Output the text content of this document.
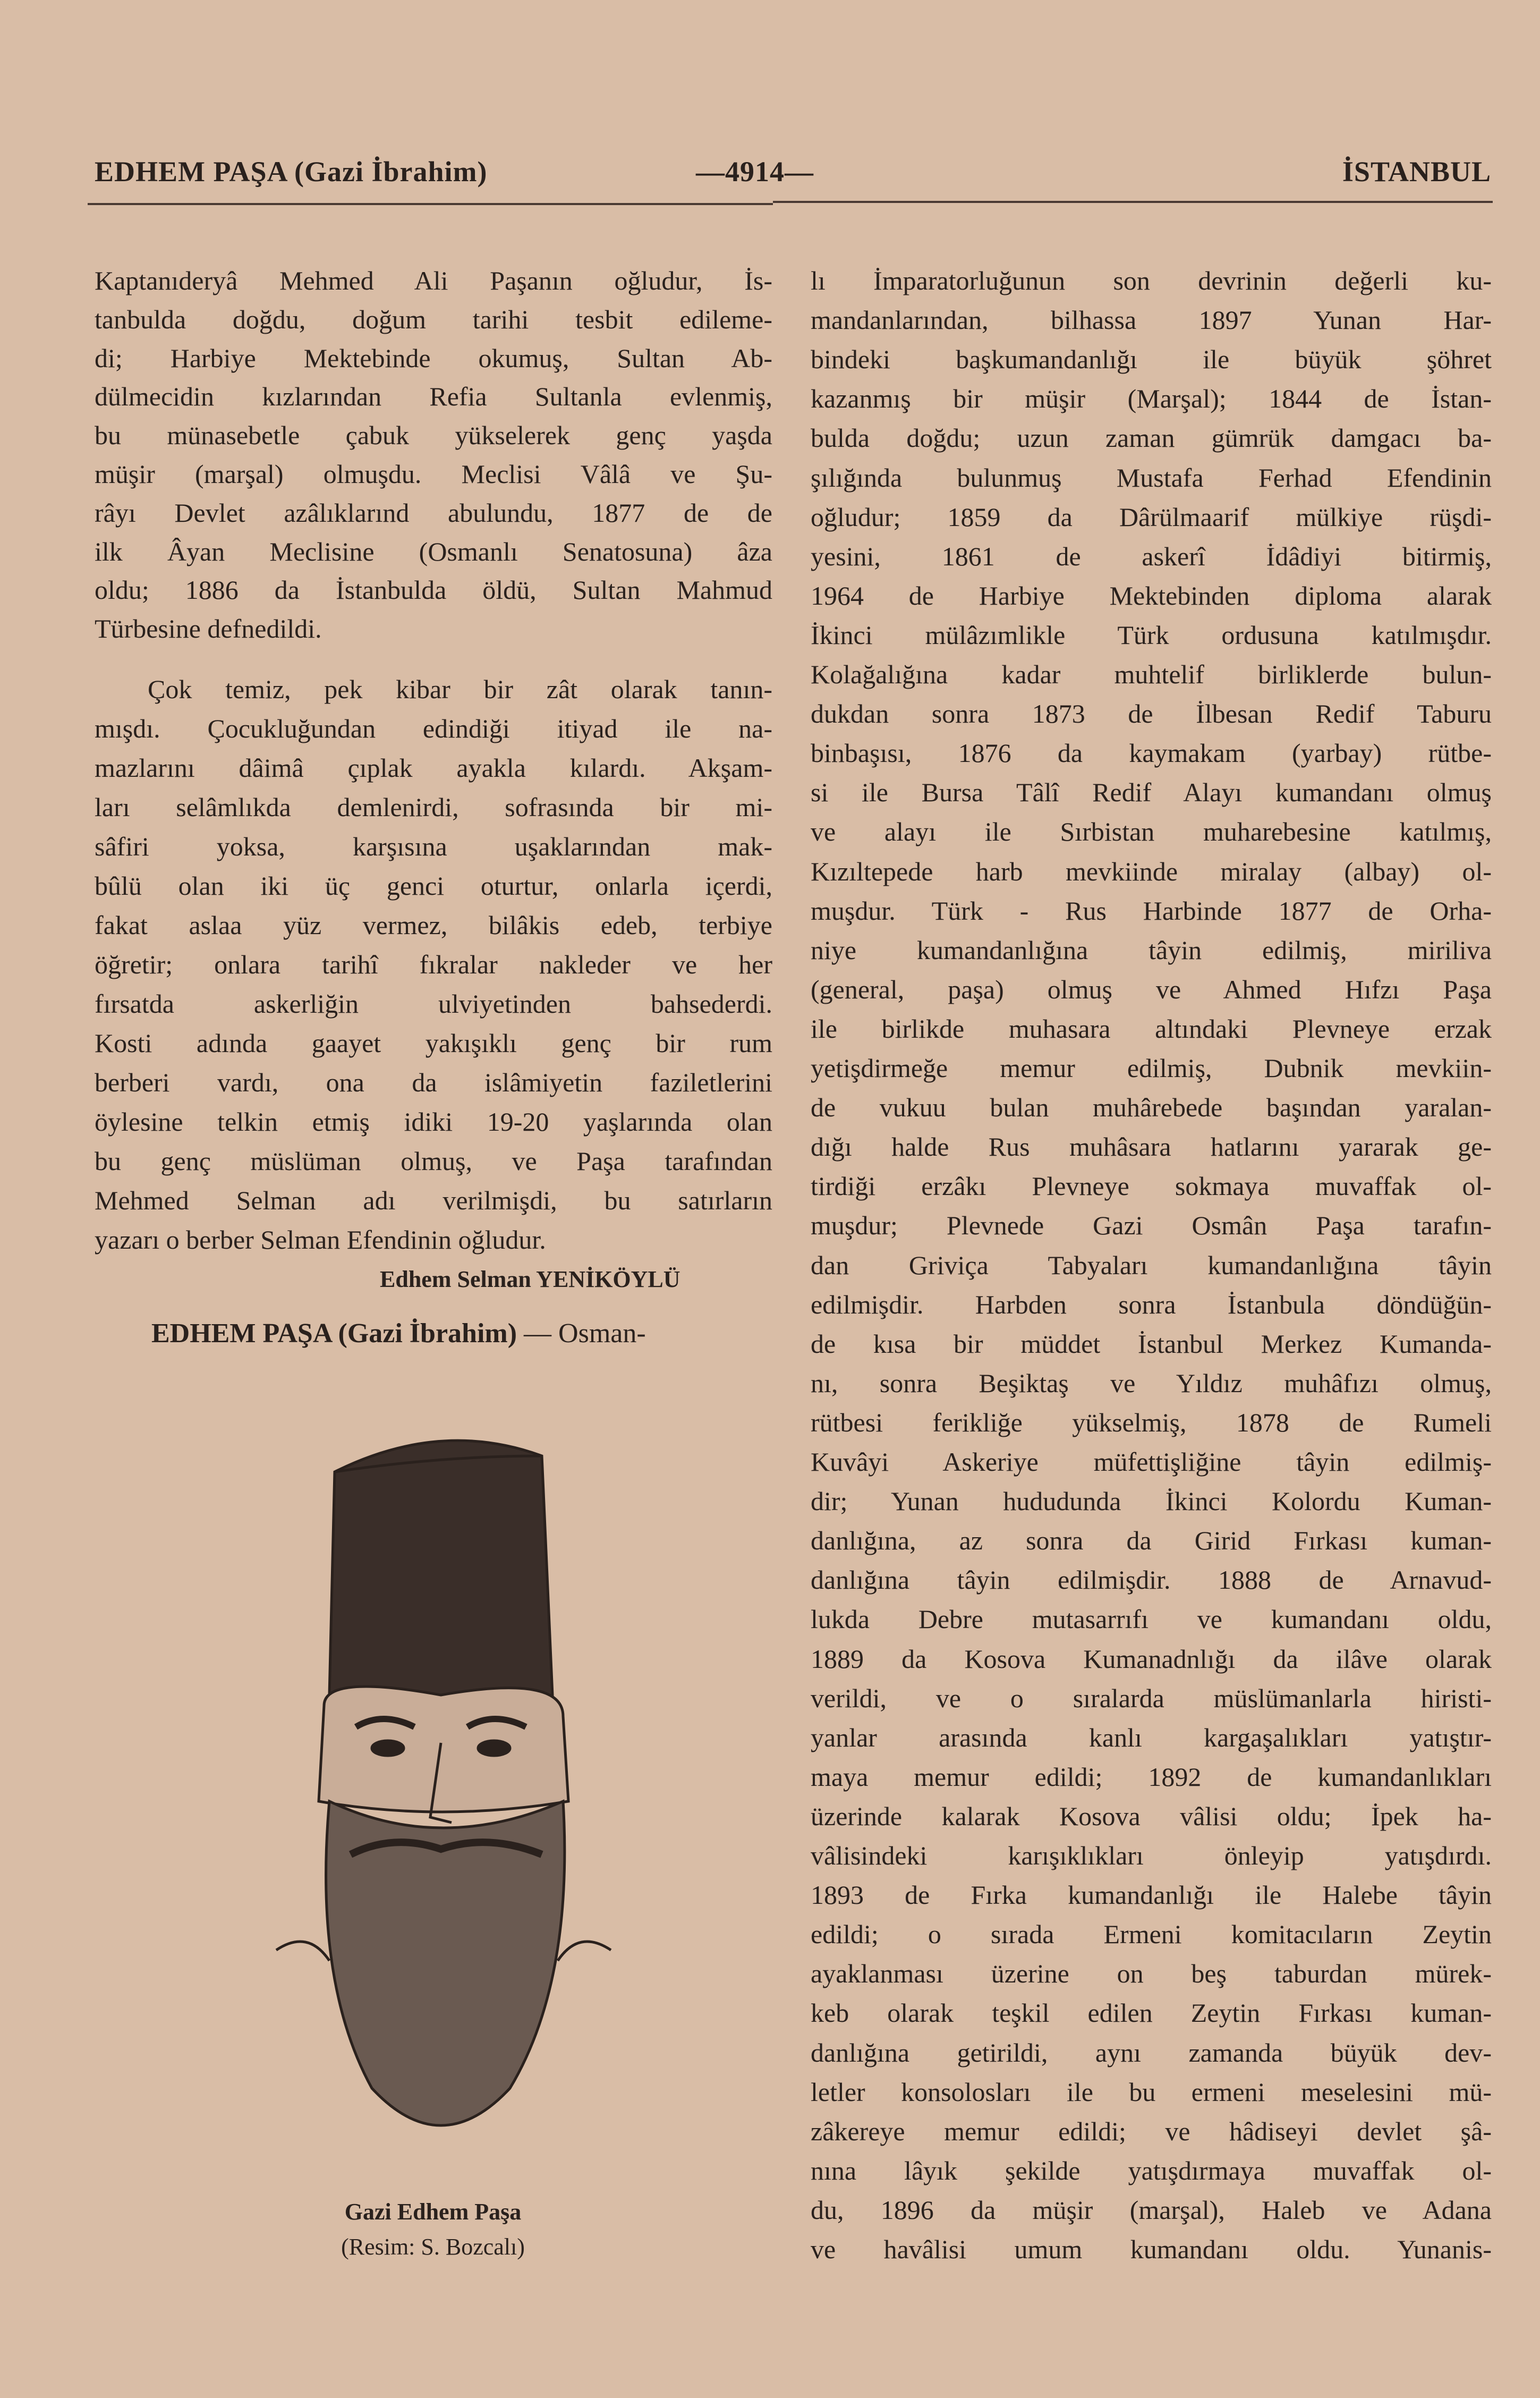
EDHEM PAŞA (Gazi İbrahim)	—4914—	İSTANBUL
Kaptanıderyâ Mehmed Ali Paşanın oğludur, İs-
tanbulda doğdu, doğum tarihi tesbit edileme-
di; Harbiye Mektebinde okumuş, Sultan Ab-
dülmecidin kızlarından Refia Sultanla evlenmiş,
bu münasebetle çabuk yükselerek genç yaşda
müşir (marşal) olmuşdu. Meclisi Vâlâ ve Şu-
râyı Devlet azâlıklarınd abulundu, 1877 de de
ilk Âyan Meclisine (Osmanlı Senatosuna) âza
oldu; 1886 da İstanbulda öldü, Sultan Mahmud
Türbesine defnedildi.
Çok temiz, pek kibar bir zât olarak tanın-
mışdı. Çocukluğundan edindiği itiyad ile na-
mazlarını dâimâ çıplak ayakla kılardı. Akşam-
ları selâmlıkda demlenirdi, sofrasında bir mi-
sâfiri yoksa, karşısına uşaklarından mak-
bûlü olan iki üç genci oturtur, onlarla içerdi,
fakat aslaa yüz vermez, bilâkis edeb, terbiye
öğretir; onlara tarihî fıkralar nakleder ve her
fırsatda askerliğin ulviyetinden bahsederdi.
Kosti adında gaayet yakışıklı genç bir rum
berberi vardı, ona da islâmiyetin faziletlerini
öylesine telkin etmiş idiki 19-20 yaşlarında olan
bu genç müslüman olmuş, ve Paşa tarafından
Mehmed Selman adı verilmişdi, bu satırların
yazarı o berber Selman Efendinin oğludur.
Edhem Selman YENİKÖYLÜ
EDHEM PAŞA (Gazi İbrahim) — Osman-
Gazi Edhem Paşa
(Resim: S. Bozcalı)
lı İmparatorluğunun son devrinin değerli ku-
mandanlarından, bilhassa 1897 Yunan Har-
bindeki başkumandanlığı ile büyük şöhret
kazanmış bir müşir (Marşal); 1844 de İstan-
bulda doğdu; uzun zaman gümrük damgacı ba-
şılığında bulunmuş Mustafa Ferhad Efendinin
oğludur; 1859 da Dârülmaarif mülkiye rüşdi-
yesini, 1861 de askerî İdâdiyi bitirmiş,
1964 de Harbiye Mektebinden diploma alarak
İkinci mülâzımlikle Türk ordusuna katılmışdır.
Kolağalığına kadar muhtelif birliklerde bulun-
dukdan sonra 1873 de İlbesan Redif Taburu
binbaşısı, 1876 da kaymakam (yarbay) rütbe-
si ile Bursa Tâlî Redif Alayı kumandanı olmuş
ve alayı ile Sırbistan muharebesine katılmış,
Kızıltepede harb mevkiinde miralay (albay) ol-
muşdur. Türk - Rus Harbinde 1877 de Orha-
niye kumandanlığına tâyin edilmiş, miriliva
(general, paşa) olmuş ve Ahmed Hıfzı Paşa
ile birlikde muhasara altındaki Plevneye erzak
yetişdirmeğe memur edilmiş, Dubnik mevkiin-
de vukuu bulan muhârebede başından yaralan-
dığı halde Rus muhâsara hatlarını yararak ge-
tirdiği erzâkı Plevneye sokmaya muvaffak ol-
muşdur; Plevnede Gazi Osmân Paşa tarafın-
dan Griviça Tabyaları kumandanlığına tâyin
edilmişdir. Harbden sonra İstanbula döndüğün-
de kısa bir müddet İstanbul Merkez Kumanda-
nı, sonra Beşiktaş ve Yıldız muhâfızı olmuş,
rütbesi ferikliğe yükselmiş, 1878 de Rumeli
Kuvâyi Askeriye müfettişliğine tâyin edilmiş-
dir; Yunan hududunda İkinci Kolordu Kuman-
danlığına, az sonra da Girid Fırkası kuman-
danlığına tâyin edilmişdir. 1888 de Arnavud-
lukda Debre mutasarrıfı ve kumandanı oldu,
1889 da Kosova Kumanadnlığı da ilâve olarak
verildi, ve o sıralarda müslümanlarla hiristi-
yanlar arasında kanlı kargaşalıkları yatıştır-
maya memur edildi; 1892 de kumandanlıkları
üzerinde kalarak Kosova vâlisi oldu; İpek ha-
vâlisindeki karışıklıkları önleyip yatışdırdı.
1893 de Fırka kumandanlığı ile Halebe tâyin
edildi; o sırada Ermeni komitacıların Zeytin
ayaklanması üzerine on beş taburdan mürek-
keb olarak teşkil edilen Zeytin Fırkası kuman-
danlığına getirildi, aynı zamanda büyük dev-
letler konsolosları ile bu ermeni meselesini mü-
zâkereye memur edildi; ve hâdiseyi devlet şâ-
nına lâyık şekilde yatışdırmaya muvaffak ol-
du, 1896 da müşir (marşal), Haleb ve Adana
ve havâlisi umum kumandanı oldu. Yunanis-
